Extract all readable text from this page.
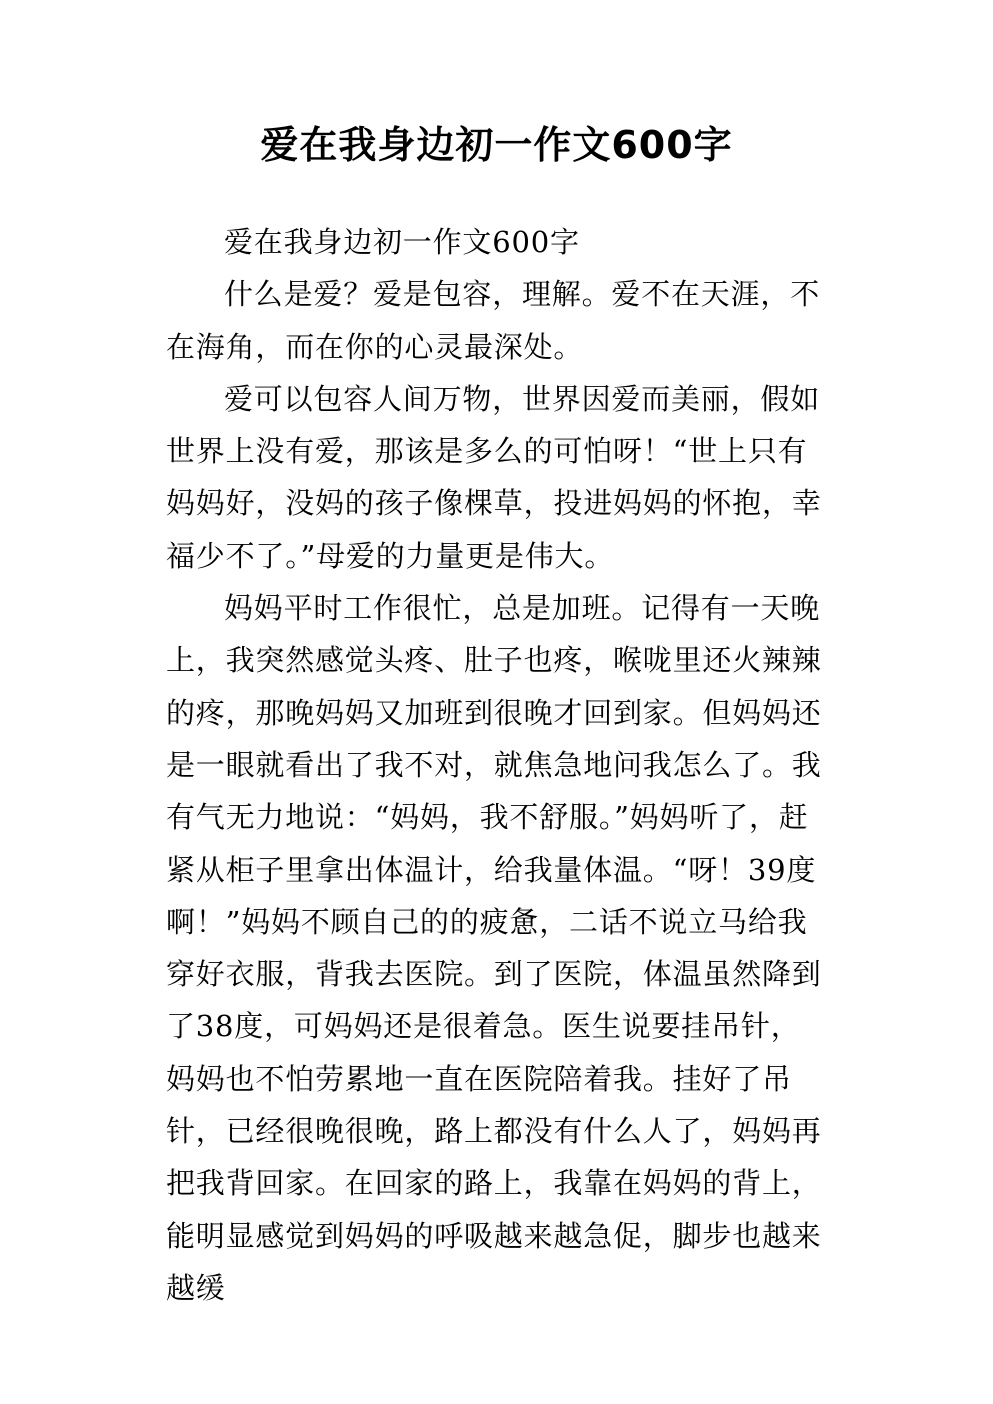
爱在我身边初一作文600字

爱在我身边初一作文600字

什么是爱？爱是包容，理解。爱不在天涯，不在海角，而在你的心灵最深处。

爱可以包容人间万物，世界因爱而美丽，假如世界上没有爱，那该是多么的可怕呀！“世上只有妈妈好，没妈的孩子像棵草，投进妈妈的怀抱，幸福少不了。”母爱的力量更是伟大。

妈妈平时工作很忙，总是加班。记得有一天晚上，我突然感觉头疼、肚子也疼，喉咙里还火辣辣的疼，那晚妈妈又加班到很晚才回到家。但妈妈还是一眼就看出了我不对，就焦急地问我怎么了。我有气无力地说：“妈妈，我不舒服。”妈妈听了，赶紧从柜子里拿出体温计，给我量体温。“呀！39度啊！”妈妈不顾自己的的疲惫，二话不说立马给我穿好衣服，背我去医院。到了医院，体温虽然降到了38度，可妈妈还是很着急。医生说要挂吊针，妈妈也不怕劳累地一直在医院陪着我。挂好了吊针，已经很晚很晚，路上都没有什么人了，妈妈再把我背回家。在回家的路上，我靠在妈妈的背上，能明显感觉到妈妈的呼吸越来越急促，脚步也越来越缓
